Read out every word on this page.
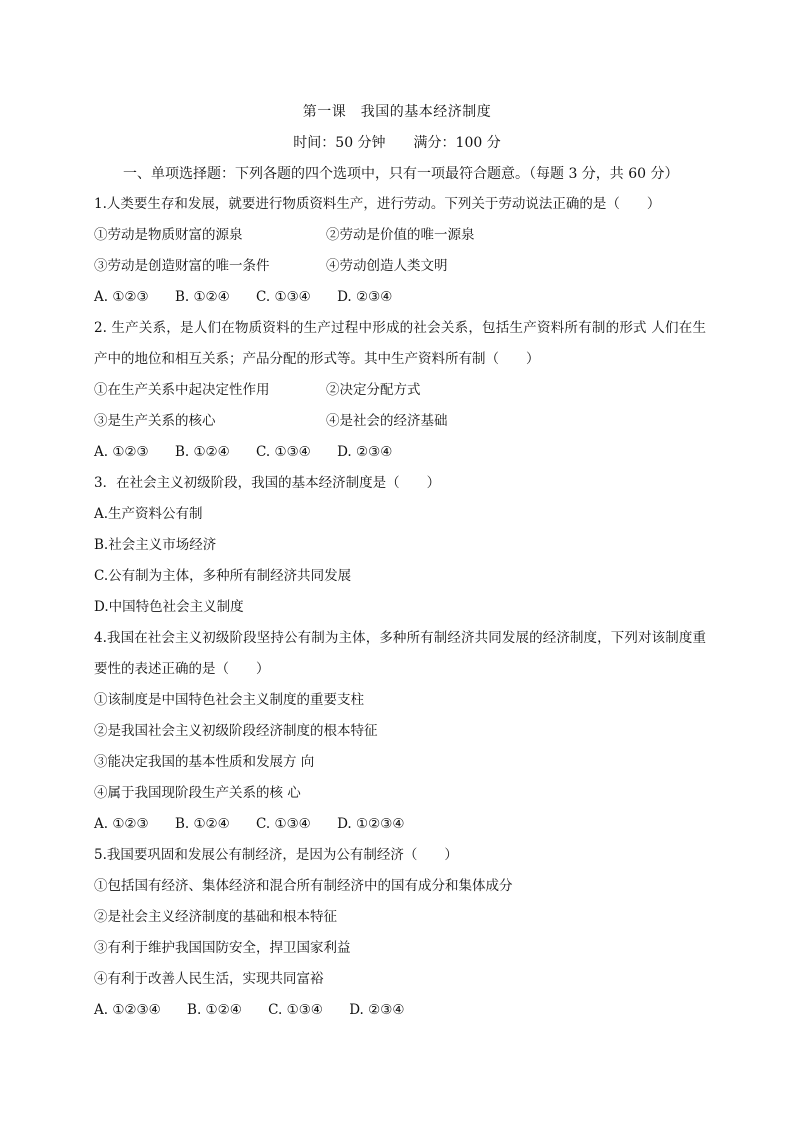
第一课　我国的基本经济制度
时间：50 分钟　　满分：100 分
一、单项选择题：下列各题的四个选项中，只有一项最符合题意。（每题 3 分，共 60 分）
1.人类要生存和发展，就要进行物质资料生产，进行劳动。下列关于劳动说法正确的是（　　）
①劳动是物质财富的源泉	②劳动是价值的唯一源泉
③劳动是创造财富的唯一条件	④劳动创造人类文明
A. ①②③ B. ①②④ C. ①③④ D. ②③④
2. 生产关系，是人们在物质资料的生产过程中形成的社会关系，包括生产资料所有制的形式 人们在生产中的地位和相互关系；产品分配的形式等。其中生产资料所有制（　　）
①在生产关系中起决定性作用	②决定分配方式
③是生产关系的核心	④是社会的经济基础
A. ①②③ B. ①②④ C. ①③④ D. ②③④
3．在社会主义初级阶段，我国的基本经济制度是（　　）
A.生产资料公有制
B.社会主义市场经济
C.公有制为主体，多种所有制经济共同发展
D.中国特色社会主义制度
4.我国在社会主义初级阶段坚持公有制为主体，多种所有制经济共同发展的经济制度，下列对该制度重要性的表述正确的是（　　）
①该制度是中国特色社会主义制度的重要支柱
②是我国社会主义初级阶段经济制度的根本特征
③能决定我国的基本性质和发展方 向
④属于我国现阶段生产关系的核 心
A. ①②③ B. ①②④ C. ①③④ D. ①②③④
5.我国要巩固和发展公有制经济，是因为公有制经济（　　）
①包括国有经济、集体经济和混合所有制经济中的国有成分和集体成分
②是社会主义经济制度的基础和根本特征
③有利于维护我国国防安全，捍卫国家利益
④有利于改善人民生活，实现共同富裕
A. ①②③④ B. ①②④ C. ①③④ D. ②③④
